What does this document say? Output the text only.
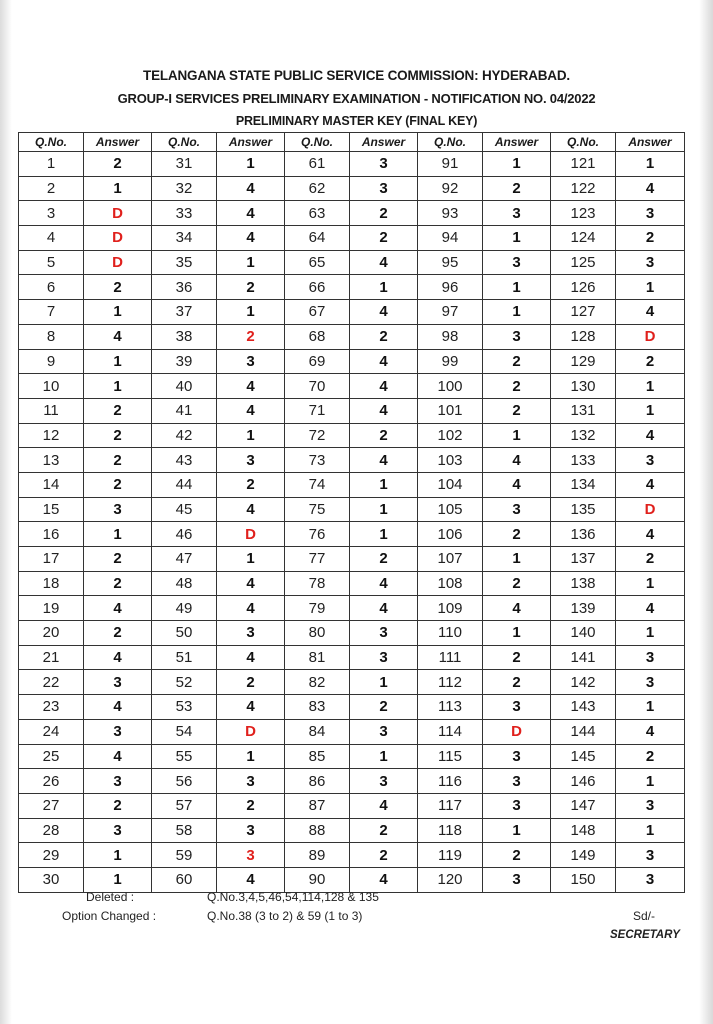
TELANGANA STATE PUBLIC SERVICE COMMISSION: HYDERABAD.
GROUP-I SERVICES PRELIMINARY EXAMINATION - NOTIFICATION NO. 04/2022
PRELIMINARY MASTER KEY (FINAL KEY)
Q.No.	Answer	Q.No.	Answer	Q.No.	Answer	Q.No.	Answer	Q.No.	Answer
1	2	31	1	61	3	91	1	121	1
2	1	32	4	62	3	92	2	122	4
3	D	33	4	63	2	93	3	123	3
4	D	34	4	64	2	94	1	124	2
5	D	35	1	65	4	95	3	125	3
6	2	36	2	66	1	96	1	126	1
7	1	37	1	67	4	97	1	127	4
8	4	38	2	68	2	98	3	128	D
9	1	39	3	69	4	99	2	129	2
10	1	40	4	70	4	100	2	130	1
11	2	41	4	71	4	101	2	131	1
12	2	42	1	72	2	102	1	132	4
13	2	43	3	73	4	103	4	133	3
14	2	44	2	74	1	104	4	134	4
15	3	45	4	75	1	105	3	135	D
16	1	46	D	76	1	106	2	136	4
17	2	47	1	77	2	107	1	137	2
18	2	48	4	78	4	108	2	138	1
19	4	49	4	79	4	109	4	139	4
20	2	50	3	80	3	110	1	140	1
21	4	51	4	81	3	111	2	141	3
22	3	52	2	82	1	112	2	142	3
23	4	53	4	83	2	113	3	143	1
24	3	54	D	84	3	114	D	144	4
25	4	55	1	85	1	115	3	145	2
26	3	56	3	86	3	116	3	146	1
27	2	57	2	87	4	117	3	147	3
28	3	58	3	88	2	118	1	148	1
29	1	59	3	89	2	119	2	149	3
30	1	60	4	90	4	120	3	150	3
Deleted :	Q.No.3,4,5,46,54,114,128 & 135
Option Changed :	Q.No.38 (3 to 2) & 59 (1 to 3)	Sd/-
SECRETARY
